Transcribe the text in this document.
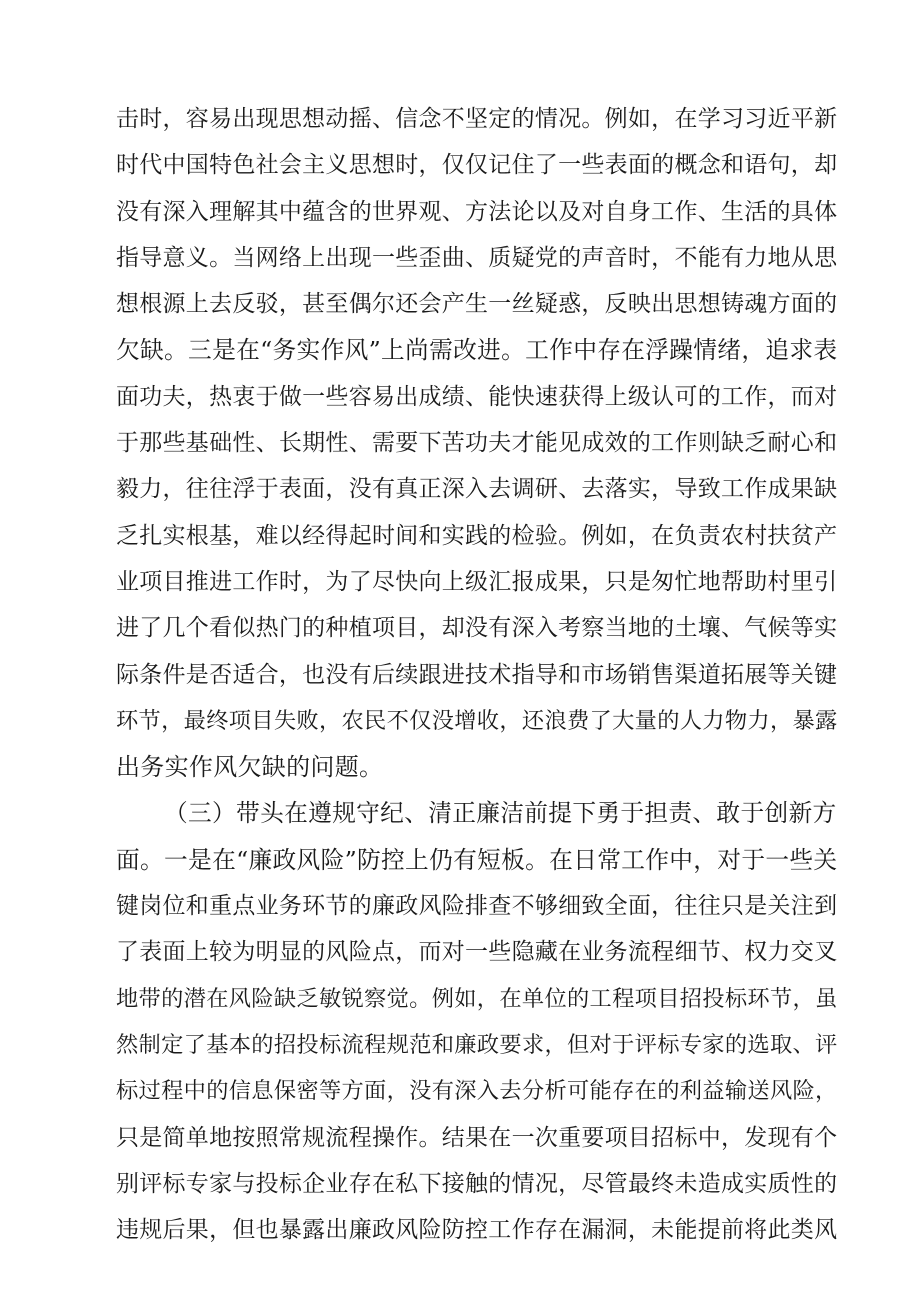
击时，容易出现思想动摇、信念不坚定的情况。例如，在学习习近平新
时代中国特色社会主义思想时，仅仅记住了一些表面的概念和语句，却
没有深入理解其中蕴含的世界观、方法论以及对自身工作、生活的具体
指导意义。当网络上出现一些歪曲、质疑党的声音时，不能有力地从思
想根源上去反驳，甚至偶尔还会产生一丝疑惑，反映出思想铸魂方面的
欠缺。三是在“务实作风”上尚需改进。工作中存在浮躁情绪，追求表
面功夫，热衷于做一些容易出成绩、能快速获得上级认可的工作，而对
于那些基础性、长期性、需要下苦功夫才能见成效的工作则缺乏耐心和
毅力，往往浮于表面，没有真正深入去调研、去落实，导致工作成果缺
乏扎实根基，难以经得起时间和实践的检验。例如，在负责农村扶贫产
业项目推进工作时，为了尽快向上级汇报成果，只是匆忙地帮助村里引
进了几个看似热门的种植项目，却没有深入考察当地的土壤、气候等实
际条件是否适合，也没有后续跟进技术指导和市场销售渠道拓展等关键
环节，最终项目失败，农民不仅没增收，还浪费了大量的人力物力，暴露
出务实作风欠缺的问题。
（三）带头在遵规守纪、清正廉洁前提下勇于担责、敢于创新方
面。一是在“廉政风险”防控上仍有短板。在日常工作中，对于一些关
键岗位和重点业务环节的廉政风险排查不够细致全面，往往只是关注到
了表面上较为明显的风险点，而对一些隐藏在业务流程细节、权力交叉
地带的潜在风险缺乏敏锐察觉。例如，在单位的工程项目招投标环节，虽
然制定了基本的招投标流程规范和廉政要求，但对于评标专家的选取、评
标过程中的信息保密等方面，没有深入去分析可能存在的利益输送风险，
只是简单地按照常规流程操作。结果在一次重要项目招标中，发现有个
别评标专家与投标企业存在私下接触的情况，尽管最终未造成实质性的
违规后果，但也暴露出廉政风险防控工作存在漏洞，未能提前将此类风
